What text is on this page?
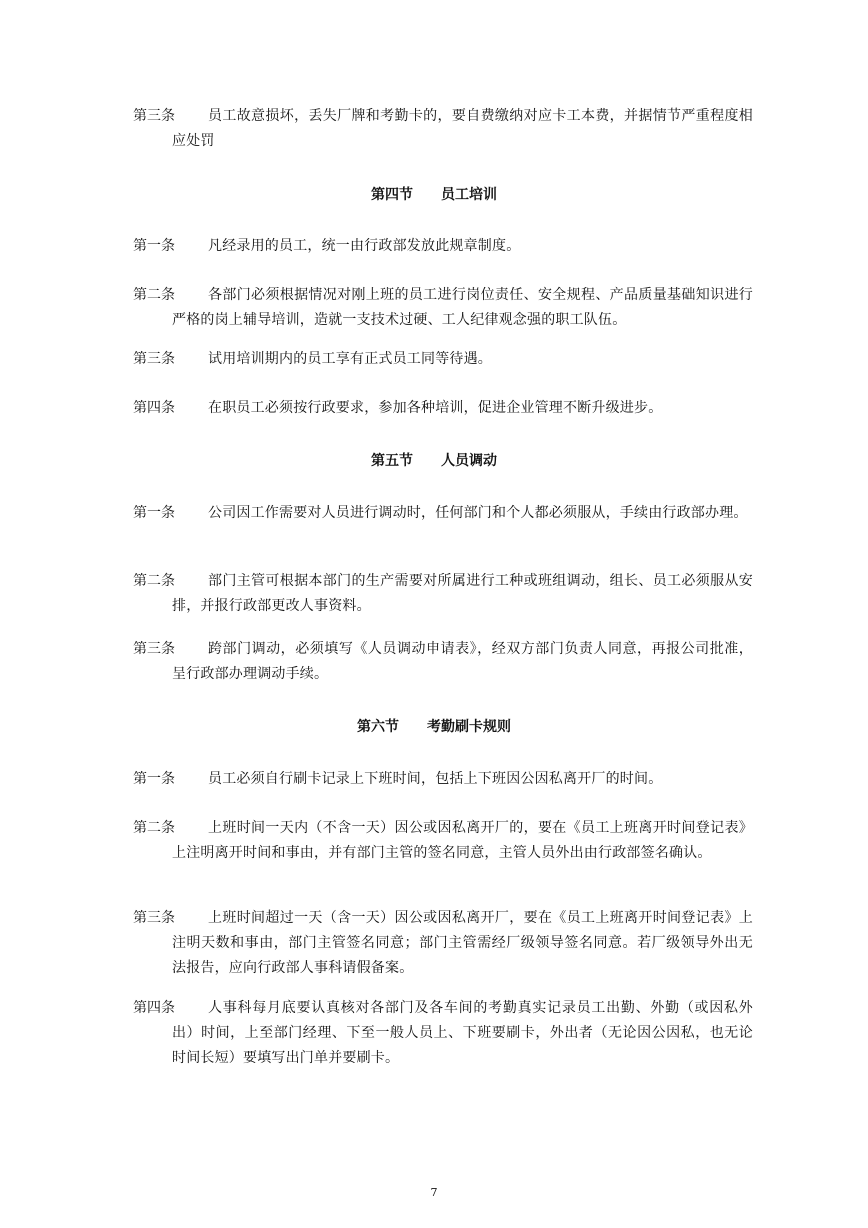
第三条	员工故意损坏，丢失厂牌和考勤卡的，要自费缴纳对应卡工本费，并据情节严重程度相应处罚
第四节 员工培训
第一条	凡经录用的员工，统一由行政部发放此规章制度。
第二条	各部门必须根据情况对刚上班的员工进行岗位责任、安全规程、产品质量基础知识进行严格的岗上辅导培训，造就一支技术过硬、工人纪律观念强的职工队伍。
第三条	试用培训期内的员工享有正式员工同等待遇。
第四条	在职员工必须按行政要求，参加各种培训，促进企业管理不断升级进步。
第五节 人员调动
第一条	公司因工作需要对人员进行调动时，任何部门和个人都必须服从，手续由行政部办理。
第二条	部门主管可根据本部门的生产需要对所属进行工种或班组调动，组长、员工必须服从安排，并报行政部更改人事资料。
第三条	跨部门调动，必须填写《人员调动申请表》，经双方部门负责人同意，再报公司批准，呈行政部办理调动手续。
第六节 考勤刷卡规则
第一条	员工必须自行刷卡记录上下班时间，包括上下班因公因私离开厂的时间。
第二条	上班时间一天内（不含一天）因公或因私离开厂的，要在《员工上班离开时间登记表》上注明离开时间和事由，并有部门主管的签名同意，主管人员外出由行政部签名确认。
第三条	上班时间超过一天（含一天）因公或因私离开厂，要在《员工上班离开时间登记表》上注明天数和事由，部门主管签名同意；部门主管需经厂级领导签名同意。若厂级领导外出无法报告，应向行政部人事科请假备案。
第四条	人事科每月底要认真核对各部门及各车间的考勤真实记录员工出勤、外勤（或因私外出）时间，上至部门经理、下至一般人员上、下班要刷卡，外出者（无论因公因私，也无论时间长短）要填写出门单并要刷卡。
7
